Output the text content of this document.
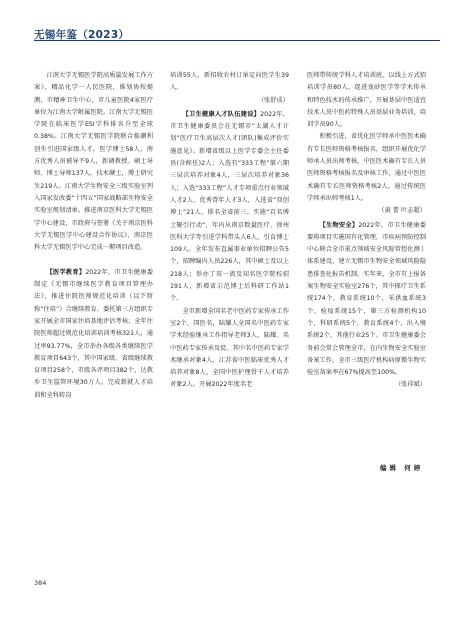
无锡年鉴（2023）

江南大学无锡医学院高质量发展工作方案》，精品化学一人民医院，推划协按提测，市精神卫生中心，市儿童医院4家医疗单位为江南大学附属医院。江南大学无锡医学院在临床医学ESI学科排名升至全球0.38%。江南大学无锡医学院联合临潮利创生引进国家级人才，医学博士58人，南方优秀人员被导不9人，新调教授、硕士导师、博士导师137人，技术硬士，博士研究生219人。江南大学生物安全三级实验室列入国家发改委“十四五”国家战略部生物安全实验室规划清单。推进南京医科大学无锡医学中心建设，市政府与签署《关于南京医科大学无锡医学中心建设合作协议》，南京医科大学无锡医学中心完成一期项目改造。

【医学教育】2022年，市卫生健康委制定《无锡市继续医学教育项目管理办法》，推进住院医师规范化培训（以下简称“住培”）合继续教育。委托第三方组织专家开展全市国家住培基地评估考核；全年住院医师超过规范化培训培训考核321人，通过率93.77%，全市举办各级各类继续医学教育项目643个，其中国家级、省级继续教育项目258个，市级各评项目382个，达教乡卫生监管环境30万人。完成新就人才培训和全科转岗

培训55人，新招收农村订单定向医学生39人。

（张舒成）

【卫生健康人才队伍建设】2022年，市卫生健康委员会在无锡市“太湖人才计划”医疗卫生高层次人才(团队)集成评价实施意见》。新增省级以上医学专委会主任委员(含候任)2人；入选有“333工程”第六期三层次培养对象4人，三层次培养对象36人；入选“333工程”人才专项重点行业领域人才2人、优秀青年人才3人，入选省“双创博士”21人，排名全省前三。实施“百名博士聚引行动”，年内从南京数量医疗、徐州医科大学等引进学科带头人6人，引育博士109人。全年发布直属事业单位招聘公告5个，招聘编内人员226人，其中硕士及以上218人；举办了双一流及知名医学院校招191人，新增省示范博士后科研工作站1个。

全市新增全国名老中医药专家传承工作室2个，国医名，陆耀人全国名中医药专家学术经验继承工作指导老师3人，陆耀、名中医药专家传承及徒、其中名中医药专家学术继承对象4人，江苏省中医临床优秀人才培养对象8人，全国中医护理骨干人才培养对象2人。开展2022年度名老

医师带传统学科人才培训班，以线上方式招培训学员80人，促进龙砂医学等学术传承和特色技术的传承推广，开展基层中医适宜技术人员中医药特殊人员基层业务培训，培训学员90人。

积极引进，省优化医学师承中医医术确有专长医师资格考核报名，组织开展优化学师承人员出师考核，中医医术确有专长人员医师资格考核报名及审核工作，通过中医医术确有专长医师资格考核2人，通过传统医学师承出师考核1人。

（黄 蕾 叶志超）

【生物安全】2022年，市卫生健康委要将项目实施国有化管理，市疾病预防控制中心联合全市重点领域安全风险管控化测丨体系建设，建立无锡市生物安全领域风险隐患排查化报告机制。实年来，全市有上报备案生物安全实验室276个，其中探疗卫生系统174个，教育系统10个，采供血系统3个，检疫系统15个，第三方检测机构10个，科研系统5个，教育系统4个，出入境系统2个，其他行业25个。市卫生健康委会务前会常会管理全市，在内生物安全实验室备案工作，全市三级医疗机构病原微生物实验室备案率在67%提高至100%。

（张祥斌）

编辑 何婷
384
